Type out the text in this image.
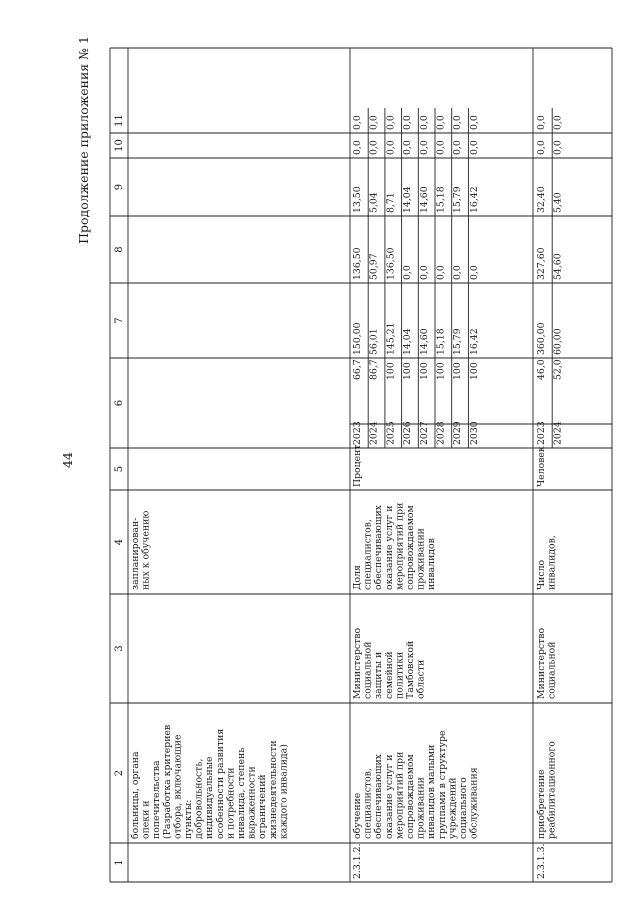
44
Продолжение приложения № 1
1
2
3
4
5
6
7
8
9
10
11
больницы, органа опеки и попечительства (Разработка критериев отбора, включающие пункты: добровольность, индивидуальные особенности развития и потребности инвалида, степень выраженности ограничений жизнедеятельности каждого инвалида)
запланирован- ных к обучению
2.3.1.2.
обучение специалистов, обеспечивающих оказание услуг и мероприятий при сопровождаемом проживании инвалидов малыми группами в структуре учреждений социального обслуживания
Министерство социальной защиты и семейной политики Тамбовской области
Доля специалистов, обеспечивающих оказание услуг и мероприятий при сопровождаемом проживании инвалидов
Процент
2023
66,7
150,00
136,50
13,50
0,0
0,0
2024
86,7
56,01
50,97
5,04
0,0
0,0
2025
100
145,21
136,50
8,71
0,0
0,0
2026
100
14,04
0,0
14,04
0,0
0,0
2027
100
14,60
0,0
14,60
0,0
0,0
2028
100
15,18
0,0
15,18
0,0
0,0
2029
100
15,79
0,0
15,79
0,0
0,0
2030
100
16,42
0,0
16,42
0,0
0,0
2.3.1.3.
приобретение реабилитационного
Министерство социальной
Число инвалидов,
Человек
2023
46,0
360,00
327,60
32,40
0,0
0,0
2024
52,0
60,00
54,60
5,40
0,0
0,0
